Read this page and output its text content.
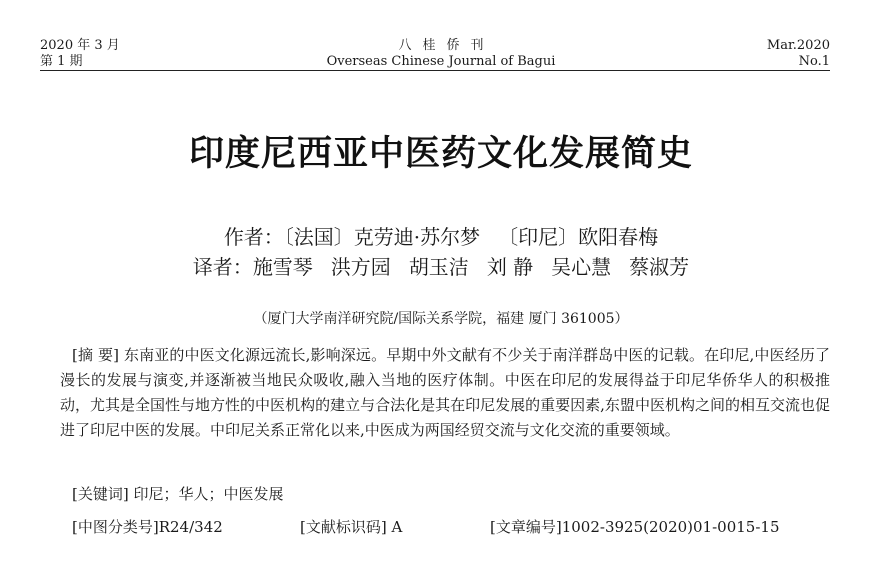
2020 年 3 月
第 1 期
八桂侨刊
Overseas Chinese Journal of Bagui
Mar.2020
No.1
印度尼西亚中医药文化发展简史
作者：〔法国〕克劳迪·苏尔梦 〔印尼〕欧阳春梅
译者：施雪琴 洪方园 胡玉洁 刘 静 吴心慧 蔡淑芳
（厦门大学南洋研究院/国际关系学院，福建 厦门 361005）
[摘 要] 东南亚的中医文化源远流长,影响深远。早期中外文献有不少关于南洋群岛中医的记载。在印尼,中医经历了漫长的发展与演变,并逐渐被当地民众吸收,融入当地的医疗体制。中医在印尼的发展得益于印尼华侨华人的积极推动，尤其是全国性与地方性的中医机构的建立与合法化是其在印尼发展的重要因素,东盟中医机构之间的相互交流也促进了印尼中医的发展。中印尼关系正常化以来,中医成为两国经贸交流与文化交流的重要领域。
[关键词] 印尼；华人；中医发展
[中图分类号]R24/342	[文献标识码] A	[文章编号]1002-3925(2020)01-0015-15
